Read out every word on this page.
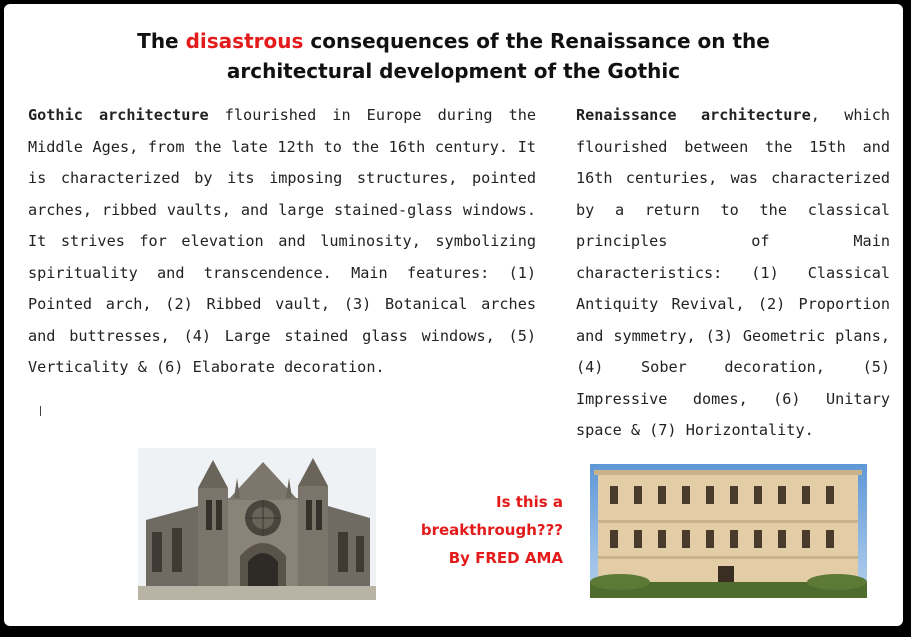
The disastrous consequences of the Renaissance on the
architectural development of the Gothic
Gothic architecture flourished in Europe during the Middle Ages, from the late 12th to the 16th century. It is characterized by its imposing structures, pointed arches, ribbed vaults, and large stained-glass windows. It strives for elevation and luminosity, symbolizing spirituality and transcendence. Main features: (1) Pointed arch, (2) Ribbed vault, (3) Botanical arches and buttresses, (4) Large stained glass windows, (5) Verticality & (6) Elaborate decoration.
Renaissance architecture, which flourished between the 15th and 16th centuries, was characterized by a return to the classical principles of Main characteristics: (1) Classical Antiquity Revival, (2) Proportion and symmetry, (3) Geometric plans, (4) Sober decoration, (5) Impressive domes, (6) Unitary space & (7) Horizontality.
Is this a
breakthrough???
By FRED AMA
